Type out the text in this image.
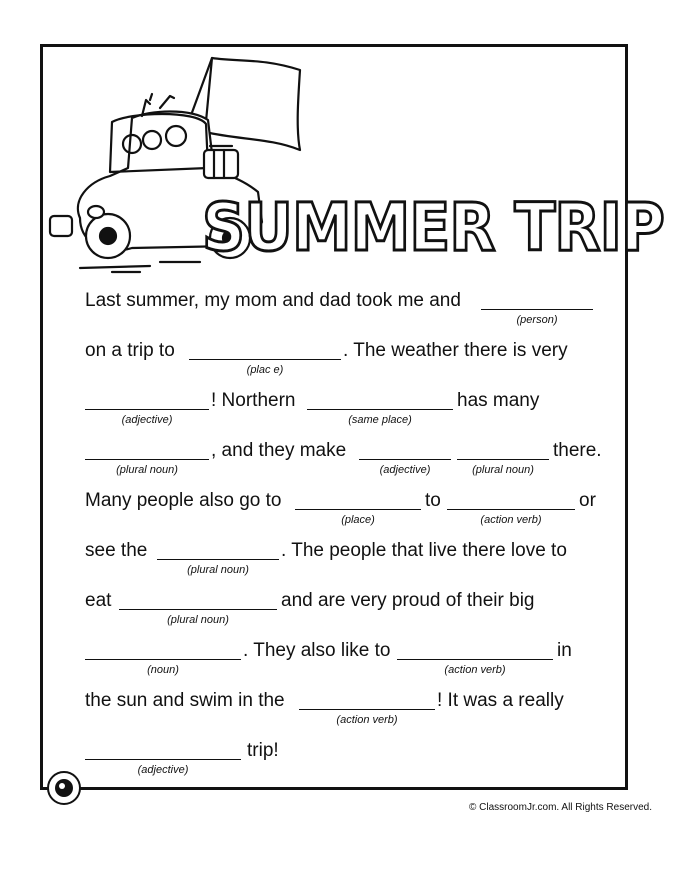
SUMMER TRIP
Last summer, my mom and dad took me and
(person)
on a trip to	. The weather there is very
(plac e)
! Northern	has many
(adjective)	(same place)
, and they make	there.
(plural noun)	(adjective)	(plural noun)
Many people also go to	to	or
(place)	(action verb)
see the	. The people that live there love to
(plural noun)
eat	and are very proud of their big
(plural noun)
. They also like to	in
(noun)	(action verb)
the sun and swim in the	! It was a really
(action verb)
trip!
(adjective)
© ClassroomJr.com. All Rights Reserved.
